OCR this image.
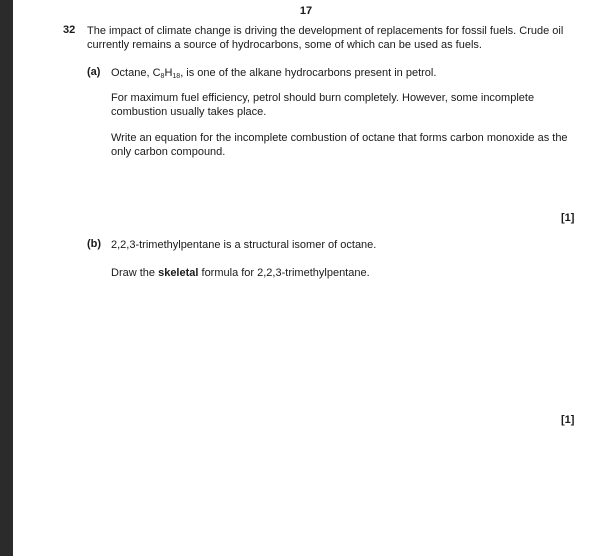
17
32 The impact of climate change is driving the development of replacements for fossil fuels. Crude oil currently remains a source of hydrocarbons, some of which can be used as fuels.
(a) Octane, $C_8H_{18}$, is one of the alkane hydrocarbons present in petrol.
For maximum fuel efficiency, petrol should burn completely. However, some incomplete combustion usually takes place.
Write an equation for the incomplete combustion of octane that forms carbon monoxide as the only carbon compound.
[1]
(b) 2,2,3-trimethylpentane is a structural isomer of octane.
Draw the skeletal formula for 2,2,3-trimethylpentane.
[1]
